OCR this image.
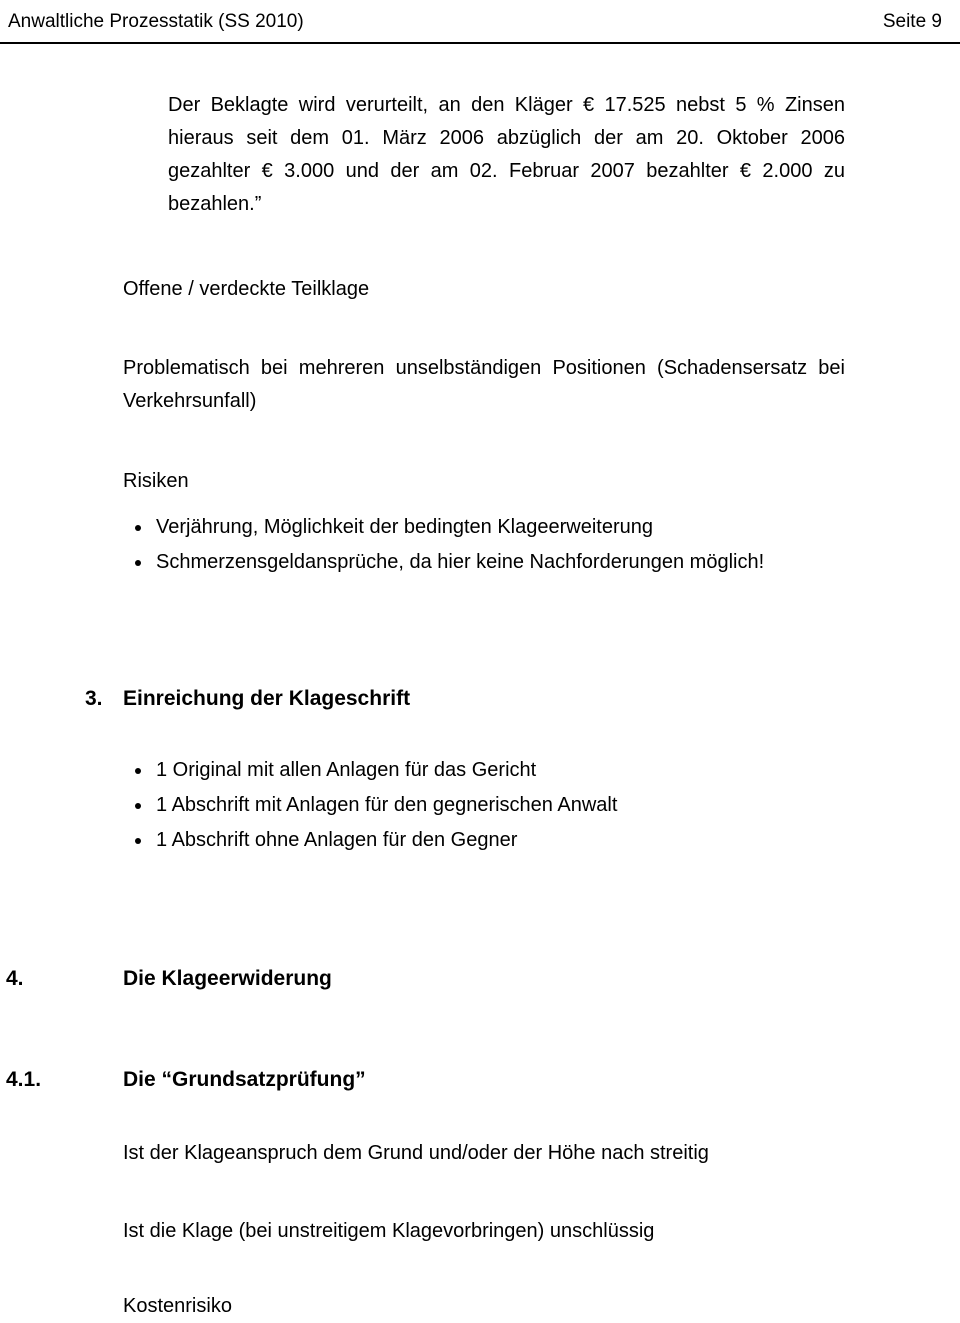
Anwaltliche Prozesstatik (SS 2010)	Seite 9

Der Beklagte wird verurteilt, an den Kläger € 17.525 nebst 5 % Zinsen hieraus seit dem 01. März 2006 abzüglich der am 20. Oktober 2006 gezahlter € 3.000 und der am 02. Februar 2007 bezahlter € 2.000 zu bezahlen.”

Offene / verdeckte Teilklage

Problematisch bei mehreren unselbständigen Positionen (Schadensersatz bei Verkehrsunfall)

Risiken

• Verjährung, Möglichkeit der bedingten Klageerweiterung
• Schmerzensgeldansprüche, da hier keine Nachforderungen möglich!
3. Einreichung der Klageschrift
• 1 Original mit allen Anlagen für das Gericht
• 1 Abschrift mit Anlagen für den gegnerischen Anwalt
• 1 Abschrift ohne Anlagen für den Gegner
4.	Die Klageerwiderung
4.1.	Die “Grundsatzprüfung”

Ist der Klageanspruch dem Grund und/oder der Höhe nach streitig

Ist die Klage (bei unstreitigem Klagevorbringen) unschlüssig

Kostenrisiko
